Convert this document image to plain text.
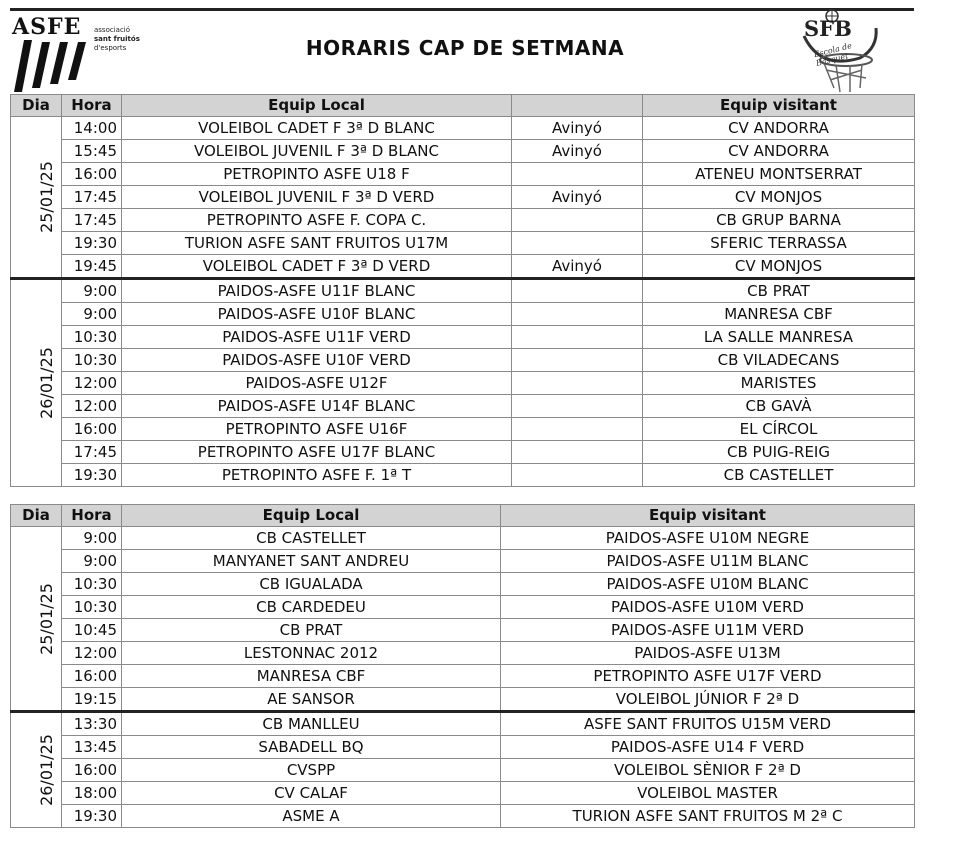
ASFE associació
sant fruitós
d'esports	HORARIS CAP DE SETMANA
SFB
Escola de Bàsquet
Dia	Hora	Equip Local		Equip visitant
25/01/25	14:00	VOLEIBOL CADET F 3ª D BLANC	Avinyó	CV ANDORRA
	15:45	VOLEIBOL JUVENIL F 3ª D BLANC	Avinyó	CV ANDORRA
	16:00	PETROPINTO ASFE U18 F		ATENEU MONTSERRAT
	17:45	VOLEIBOL JUVENIL F 3ª D VERD	Avinyó	CV MONJOS
	17:45	PETROPINTO ASFE F. COPA C.		CB GRUP BARNA
	19:30	TURION ASFE SANT FRUITOS U17M		SFERIC TERRASSA
	19:45	VOLEIBOL CADET F 3ª D VERD	Avinyó	CV MONJOS
26/01/25	9:00	PAIDOS-ASFE U11F BLANC		CB PRAT
	9:00	PAIDOS-ASFE U10F BLANC		MANRESA CBF
	10:30	PAIDOS-ASFE U11F VERD		LA SALLE MANRESA
	10:30	PAIDOS-ASFE U10F VERD		CB VILADECANS
	12:00	PAIDOS-ASFE U12F		MARISTES
	12:00	PAIDOS-ASFE U14F BLANC		CB GAVÀ
	16:00	PETROPINTO ASFE U16F		EL CÍRCOL
	17:45	PETROPINTO ASFE U17F BLANC		CB PUIG-REIG
	19:30	PETROPINTO ASFE F. 1ª T		CB CASTELLET
Dia	Hora	Equip Local	Equip visitant
25/01/25	9:00	CB CASTELLET	PAIDOS-ASFE U10M NEGRE
	9:00	MANYANET SANT ANDREU	PAIDOS-ASFE U11M BLANC
	10:30	CB IGUALADA	PAIDOS-ASFE U10M BLANC
	10:30	CB CARDEDEU	PAIDOS-ASFE U10M VERD
	10:45	CB PRAT	PAIDOS-ASFE U11M VERD
	12:00	LESTONNAC 2012	PAIDOS-ASFE U13M
	16:00	MANRESA CBF	PETROPINTO ASFE U17F VERD
	19:15	AE SANSOR	VOLEIBOL JÚNIOR F 2ª D
26/01/25	13:30	CB MANLLEU	ASFE SANT FRUITOS U15M VERD
	13:45	SABADELL BQ	PAIDOS-ASFE U14 F VERD
	16:00	CVSPP	VOLEIBOL SÈNIOR F 2ª D
	18:00	CV CALAF	VOLEIBOL MASTER
	19:30	ASME A	TURION ASFE SANT FRUITOS M 2ª C
